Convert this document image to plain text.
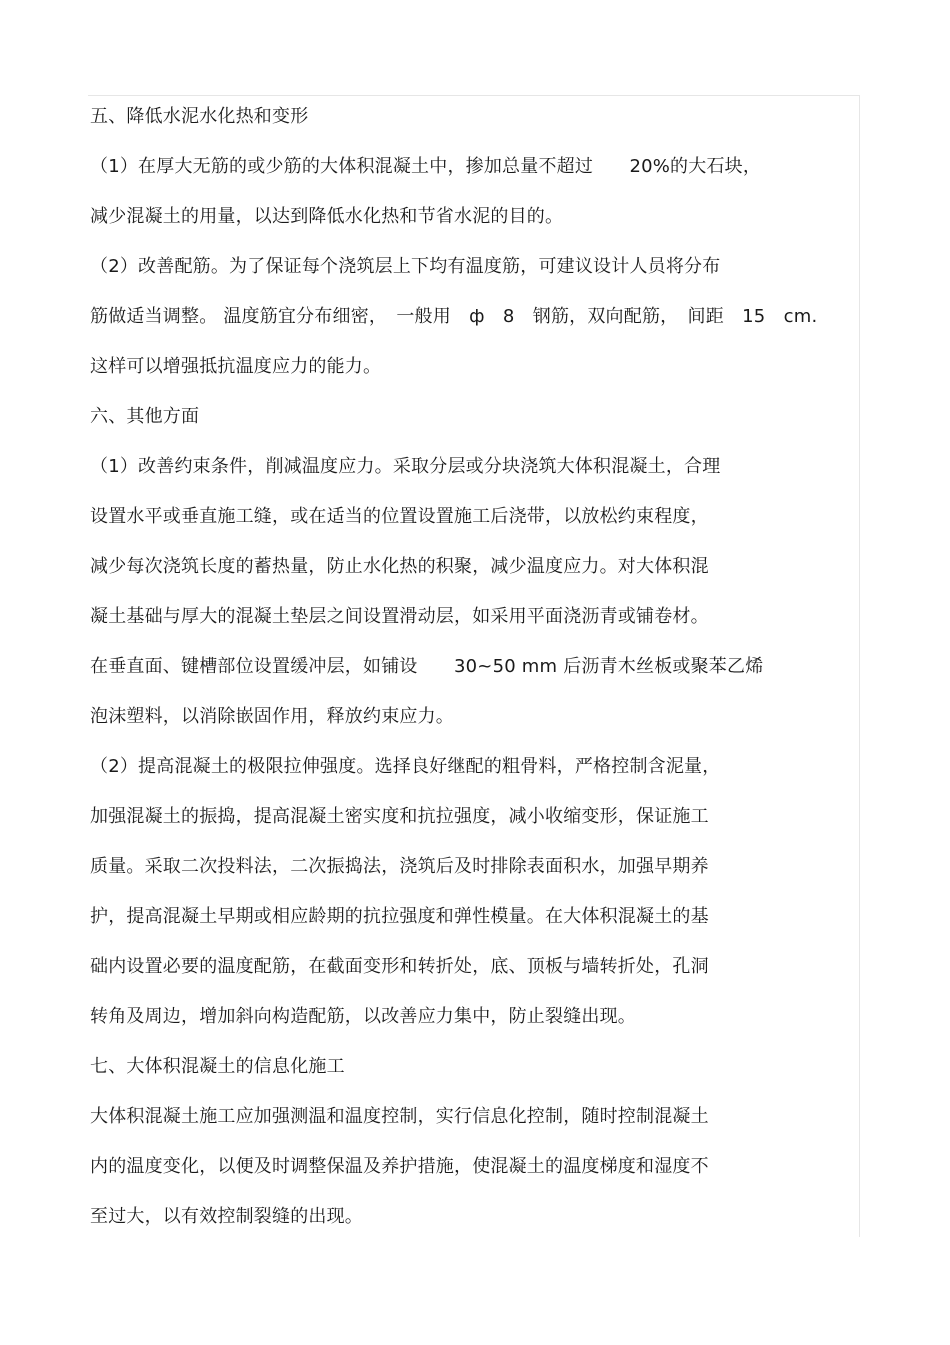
五、降低水泥水化热和变形
（1）在厚大无筋的或少筋的大体积混凝土中，掺加总量不超过　　20%的大石块，
减少混凝土的用量，以达到降低水化热和节省水泥的目的。
（2）改善配筋。为了保证每个浇筑层上下均有温度筋，可建议设计人员将分布
筋做适当调整。 温度筋宜分布细密，　一般用　ф　8　钢筋，双向配筋，　间距　15　cm.
这样可以增强抵抗温度应力的能力。
六、其他方面
（1）改善约束条件，削减温度应力。采取分层或分块浇筑大体积混凝土，合理
设置水平或垂直施工缝，或在适当的位置设置施工后浇带，以放松约束程度，
减少每次浇筑长度的蓄热量，防止水化热的积聚，减少温度应力。对大体积混
凝土基础与厚大的混凝土垫层之间设置滑动层，如采用平面浇沥青或铺卷材。
在垂直面、键槽部位设置缓冲层，如铺设　　30~50 mm 后沥青木丝板或聚苯乙烯
泡沫塑料，以消除嵌固作用，释放约束应力。
（2）提高混凝土的极限拉伸强度。选择良好继配的粗骨料，严格控制含泥量，
加强混凝土的振捣，提高混凝土密实度和抗拉强度，减小收缩变形，保证施工
质量。采取二次投料法，二次振捣法，浇筑后及时排除表面积水，加强早期养
护，提高混凝土早期或相应龄期的抗拉强度和弹性模量。在大体积混凝土的基
础内设置必要的温度配筋，在截面变形和转折处，底、顶板与墙转折处，孔洞
转角及周边，增加斜向构造配筋，以改善应力集中，防止裂缝出现。
七、大体积混凝土的信息化施工
大体积混凝土施工应加强测温和温度控制，实行信息化控制，随时控制混凝土
内的温度变化，以便及时调整保温及养护措施，使混凝土的温度梯度和湿度不
至过大，以有效控制裂缝的出现。
